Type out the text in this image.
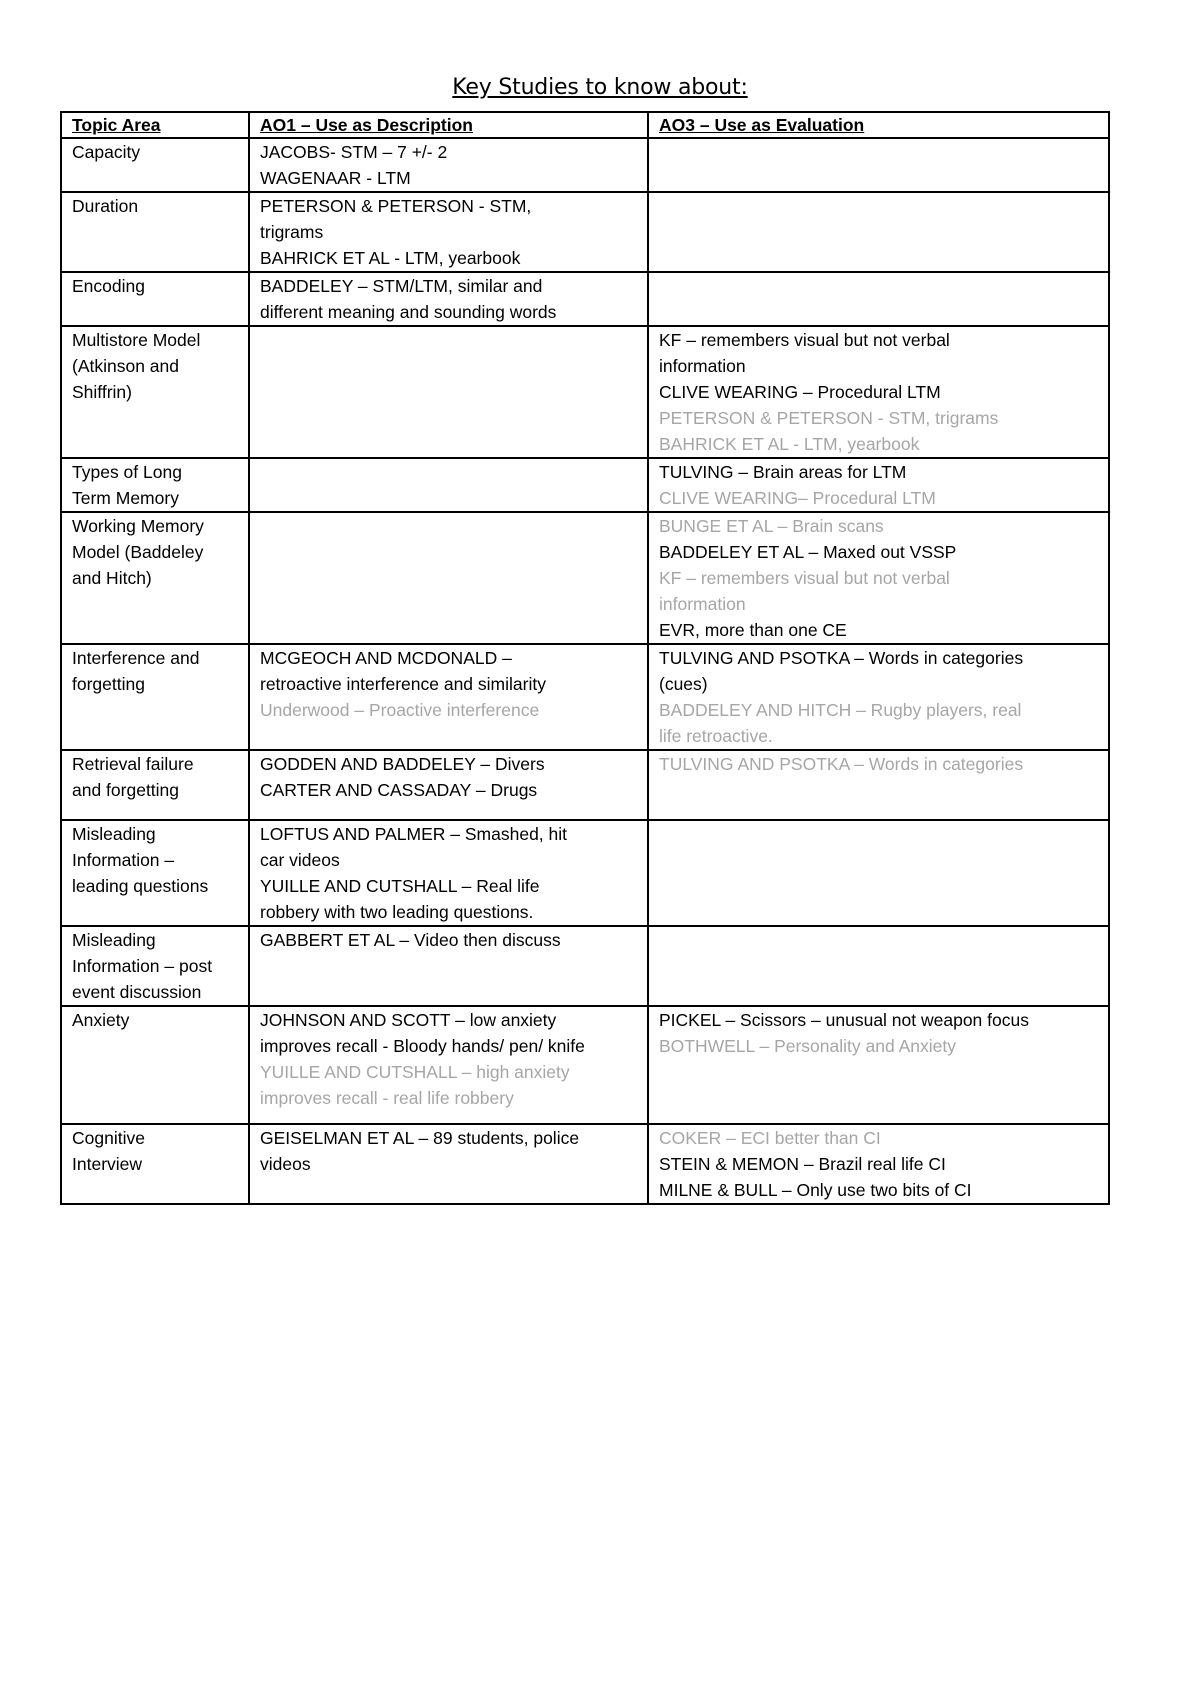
Key Studies to know about:
Topic Area	AO1 – Use as Description	AO3 – Use as Evaluation

Capacity	JACOBS- STM – 7 +/- 2
WAGENAAR - LTM	

Duration	PETERSON & PETERSON - STM,
trigrams
BAHRICK ET AL - LTM, yearbook	

Encoding	BADDELEY – STM/LTM, similar and
different meaning and sounding words	

Multistore Model
(Atkinson and
Shiffrin)		KF – remembers visual but not verbal
information
CLIVE WEARING – Procedural LTM
PETERSON & PETERSON - STM, trigrams
BAHRICK ET AL - LTM, yearbook

Types of Long
Term Memory		TULVING – Brain areas for LTM
CLIVE WEARING– Procedural LTM

Working Memory
Model (Baddeley
and Hitch)		BUNGE ET AL – Brain scans
BADDELEY ET AL – Maxed out VSSP
KF – remembers visual but not verbal
information
EVR, more than one CE

Interference and
forgetting	MCGEOCH AND MCDONALD –
retroactive interference and similarity
Underwood – Proactive interference	TULVING AND PSOTKA – Words in categories
(cues)
BADDELEY AND HITCH – Rugby players, real
life retroactive.

Retrieval failure
and forgetting	GODDEN AND BADDELEY – Divers
CARTER AND CASSADAY – Drugs	TULVING AND PSOTKA – Words in categories

Misleading
Information –
leading questions	LOFTUS AND PALMER – Smashed, hit
car videos
YUILLE AND CUTSHALL – Real life
robbery with two leading questions.	

Misleading
Information – post
event discussion	GABBERT ET AL – Video then discuss	

Anxiety	JOHNSON AND SCOTT – low anxiety
improves recall - Bloody hands/ pen/ knife
YUILLE AND CUTSHALL – high anxiety
improves recall - real life robbery	PICKEL – Scissors – unusual not weapon focus
BOTHWELL – Personality and Anxiety

Cognitive
Interview	GEISELMAN ET AL – 89 students, police
videos	COKER – ECI better than CI
STEIN & MEMON – Brazil real life CI
MILNE & BULL – Only use two bits of CI
